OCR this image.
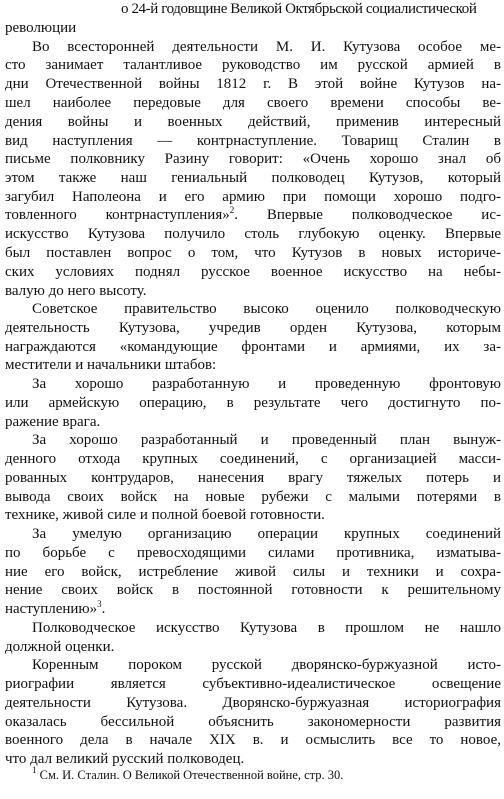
о 24-й годовщине Великой Октябрьской социалистической
революции
Во всесторонней деятельности М. И. Кутузова особое ме-
сто занимает талантливое руководство им русской армией в
дни Отечественной войны 1812 г. В этой войне Кутузов на-
шел наиболее передовые для своего времени способы ве-
дения войны и военных действий, применив интересный
вид наступления — контрнаступление. Товарищ Сталин в
письме полковнику Разину говорит: «Очень хорошо знал об
этом также наш гениальный полководец Кутузов, который
загубил Наполеона и его армию при помощи хорошо подго-
товленного контрнаступления»$^2$. Впервые полководческое ис-
искусство Кутузова получило столь глубокую оценку. Впервые
был поставлен вопрос о том, что Кутузов в новых историче-
ских условиях поднял русское военное искусство на небы-
валую до него высоту.
Советское правительство высоко оценило полководческую
деятельность Кутузова, учредив орден Кутузова, которым
награждаются «командующие фронтами и армиями, их за-
местители и начальники штабов:
За хорошо разработанную и проведенную фронтовую
или армейскую операцию, в результате чего достигнуто по-
ражение врага.
За хорошо разработанный и проведенный план вынуж-
денного отхода крупных соединений, с организацией масси-
рованных контрударов, нанесения врагу тяжелых потерь и
вывода своих войск на новые рубежи с малыми потерями в
технике, живой силе и полной боевой готовности.
За умелую организацию операции крупных соединений
по борьбе с превосходящими силами противника, изматыва-
ние его войск, истребление живой силы и техники и сохра-
нение своих войск в постоянной готовности к решительному
наступлению»$^3$.
Полководческое искусство Кутузова в прошлом не нашло
должной оценки.
Коренным пороком русской дворянско-буржуазной исто-
риографии является субъективно-идеалистическое освещение
деятельности Кутузова. Дворянско-буржуазная историография
оказалась бессильной объяснить закономерности развития
военного дела в начале XIX в. и осмыслить все то новое,
что дал великий русский полководец.
$^1$ См. И. Сталин. О Великой Отечественной войне, стр. 30.
